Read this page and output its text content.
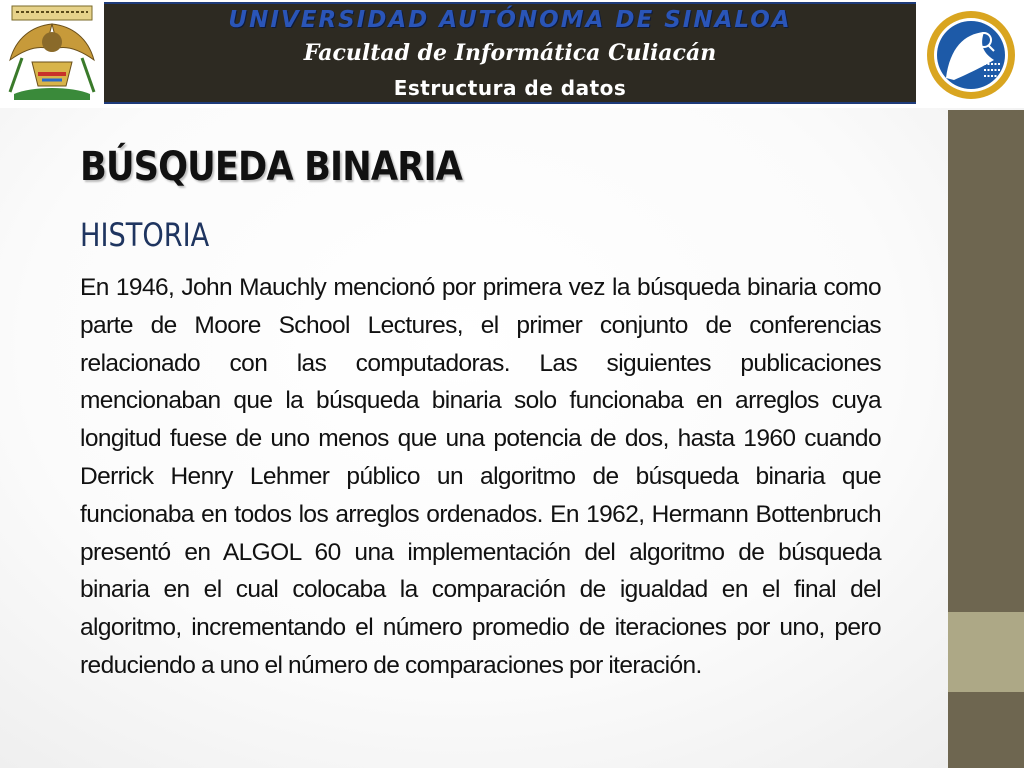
UNIVERSIDAD AUTÓNOMA DE SINALOA
Facultad de Informática Culiacán
Estructura de datos
BÚSQUEDA BINARIA
HISTORIA

En 1946, John Mauchly mencionó por primera vez la búsqueda binaria como parte de Moore School Lectures, el primer conjunto de conferencias relacionado con las computadoras. Las siguientes publicaciones mencionaban que la búsqueda binaria solo funcionaba en arreglos cuya longitud fuese de uno menos que una potencia de dos, hasta 1960 cuando Derrick Henry Lehmer público un algoritmo de búsqueda binaria que funcionaba en todos los arreglos ordenados. En 1962, Hermann Bottenbruch presentó en ALGOL 60 una implementación del algoritmo de búsqueda binaria en el cual colocaba la comparación de igualdad en el final del algoritmo, incrementando el número promedio de iteraciones por uno, pero reduciendo a uno el número de comparaciones por iteración.
